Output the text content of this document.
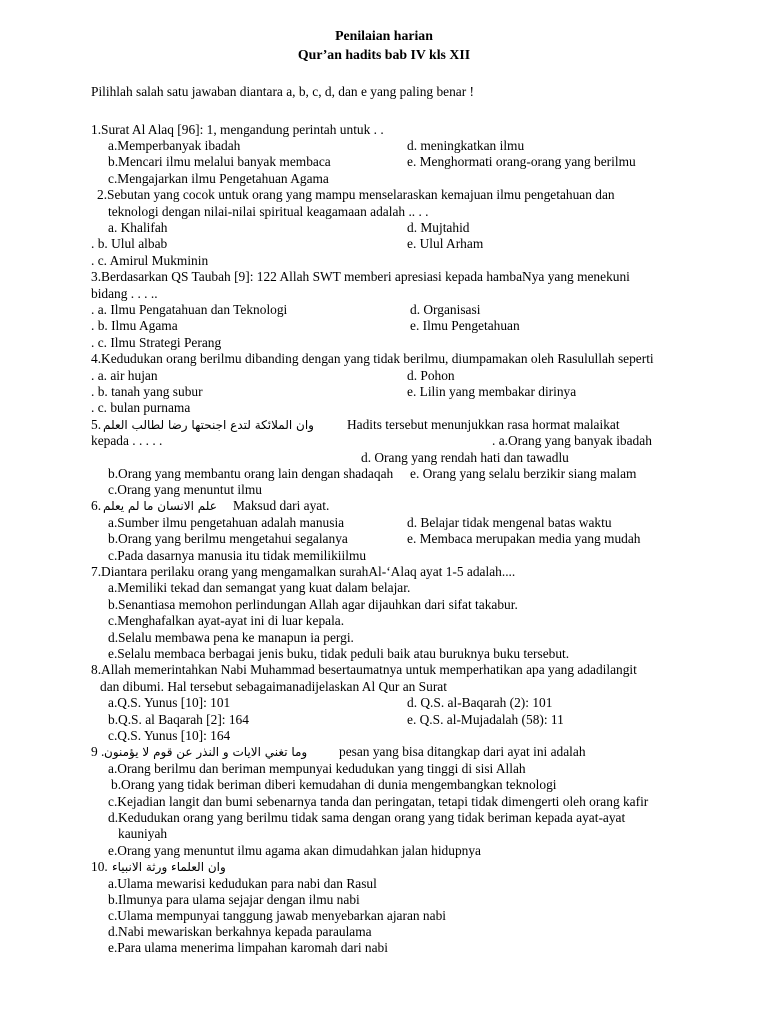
Penilaian harian
Qur’an hadits bab IV kls XII
Pilihlah salah satu jawaban diantara a, b, c, d, dan e yang paling benar !
1.Surat Al Alaq [96]: 1, mengandung perintah untuk . .
a.Memperbanyak ibadah	d. meningkatkan ilmu
b.Mencari ilmu melalui banyak membaca	e. Menghormati orang-orang yang berilmu
c.Mengajarkan ilmu Pengetahuan Agama
2.Sebutan yang cocok untuk orang yang mampu menselaraskan kemajuan ilmu pengetahuan dan
teknologi dengan nilai-nilai spiritual keagamaan adalah .. . .
a. Khalifah	d. Mujtahid
. b. Ulul albab	e. Ulul Arham
. c. Amirul Mukminin
3.Berdasarkan QS Taubah [9]: 122 Allah SWT memberi apresiasi kepada hambaNya yang menekuni
bidang . . . ..
. a. Ilmu Pengatahuan dan Teknologi	d. Organisasi
. b. Ilmu Agama	e. Ilmu Pengetahuan
. c. Ilmu Strategi Perang
4.Kedudukan orang berilmu dibanding dengan yang tidak berilmu, diumpamakan oleh Rasulullah seperti
. a. air hujan	d. Pohon
. b. tanah yang subur	e. Lilin yang membakar dirinya
. c. bulan purnama
5. وان الملائكة لتدع اجنحتها رضا لطالب العلم Hadits tersebut menunjukkan rasa hormat malaikat
kepada . . . . .	. a.Orang yang banyak ibadah
d. Orang yang rendah hati dan tawadlu
b.Orang yang membantu orang lain dengan shadaqah e. Orang yang selalu berzikir siang malam
c.Orang yang menuntut ilmu
6. علم الانسان ما لم يعلم Maksud dari ayat.
a.Sumber ilmu pengetahuan adalah manusia	d. Belajar tidak mengenal batas waktu
b.Orang yang berilmu mengetahui segalanya	e. Membaca merupakan media yang mudah
c.Pada dasarnya manusia itu tidak memilikiilmu
7.Diantara perilaku orang yang mengamalkan surahAl-‘Alaq ayat 1-5 adalah....
a.Memiliki tekad dan semangat yang kuat dalam belajar.
b.Senantiasa memohon perlindungan Allah agar dijauhkan dari sifat takabur.
c.Menghafalkan ayat-ayat ini di luar kepala.
d.Selalu membawa pena ke manapun ia pergi.
e.Selalu membaca berbagai jenis buku, tidak peduli baik atau buruknya buku tersebut.
8.Allah memerintahkan Nabi Muhammad besertaumatnya untuk memperhatikan apa yang adadilangit
dan dibumi. Hal tersebut sebagaimanadijelaskan Al Qur an Surat
a.Q.S. Yunus [10]: 101	d. Q.S. al-Baqarah (2): 101
b.Q.S. al Baqarah [2]: 164	e. Q.S. al-Mujadalah (58): 11
c.Q.S. Yunus [10]: 164
9 . وما تغني الايات و النذر عن قوم لا يؤمنون pesan yang bisa ditangkap dari ayat ini adalah
a.Orang berilmu dan beriman mempunyai kedudukan yang tinggi di sisi Allah
b.Orang yang tidak beriman diberi kemudahan di dunia mengembangkan teknologi
c.Kejadian langit dan bumi sebenarnya tanda dan peringatan, tetapi tidak dimengerti oleh orang kafir
d.Kedudukan orang yang berilmu tidak sama dengan orang yang tidak beriman kepada ayat-ayat
kauniyah
e.Orang yang menuntut ilmu agama akan dimudahkan jalan hidupnya
10. وان العلماء ورثة الانبياء
a.Ulama mewarisi kedudukan para nabi dan Rasul
b.Ilmunya para ulama sejajar dengan ilmu nabi
c.Ulama mempunyai tanggung jawab menyebarkan ajaran nabi
d.Nabi mewariskan berkahnya kepada paraulama
e.Para ulama menerima limpahan karomah dari nabi
